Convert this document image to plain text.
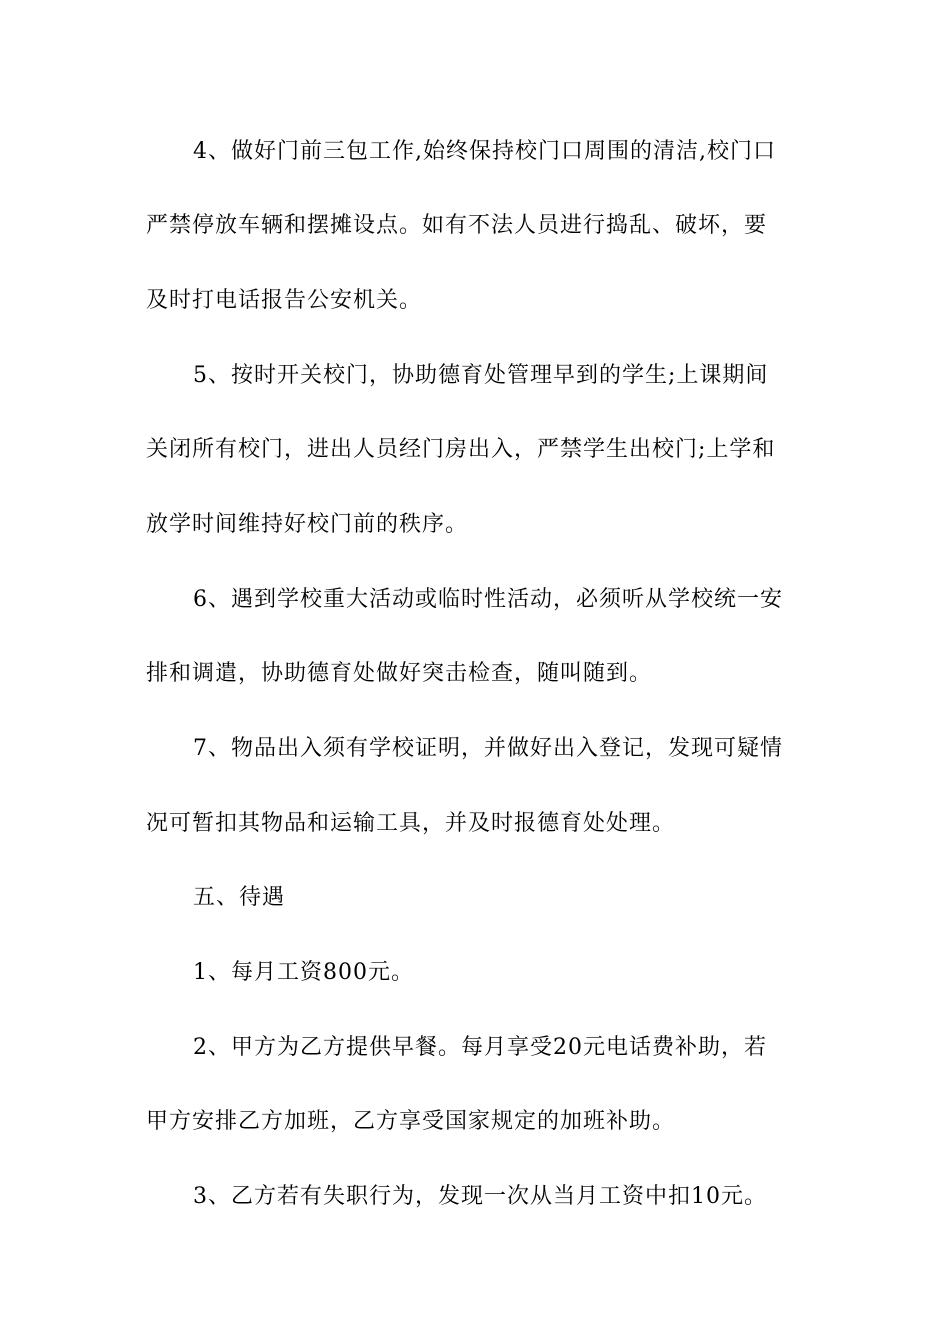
4、做好门前三包工作,始终保持校门口周围的清洁,校门口
严禁停放车辆和摆摊设点。如有不法人员进行捣乱、破坏，要
及时打电话报告公安机关。
5、按时开关校门，协助德育处管理早到的学生;上课期间
关闭所有校门，进出人员经门房出入，严禁学生出校门;上学和
放学时间维持好校门前的秩序。
6、遇到学校重大活动或临时性活动，必须听从学校统一安
排和调遣，协助德育处做好突击检查，随叫随到。
7、物品出入须有学校证明，并做好出入登记，发现可疑情
况可暂扣其物品和运输工具，并及时报德育处处理。
五、待遇
1、每月工资800元。
2、甲方为乙方提供早餐。每月享受20元电话费补助，若
甲方安排乙方加班，乙方享受国家规定的加班补助。
3、乙方若有失职行为，发现一次从当月工资中扣10元。
